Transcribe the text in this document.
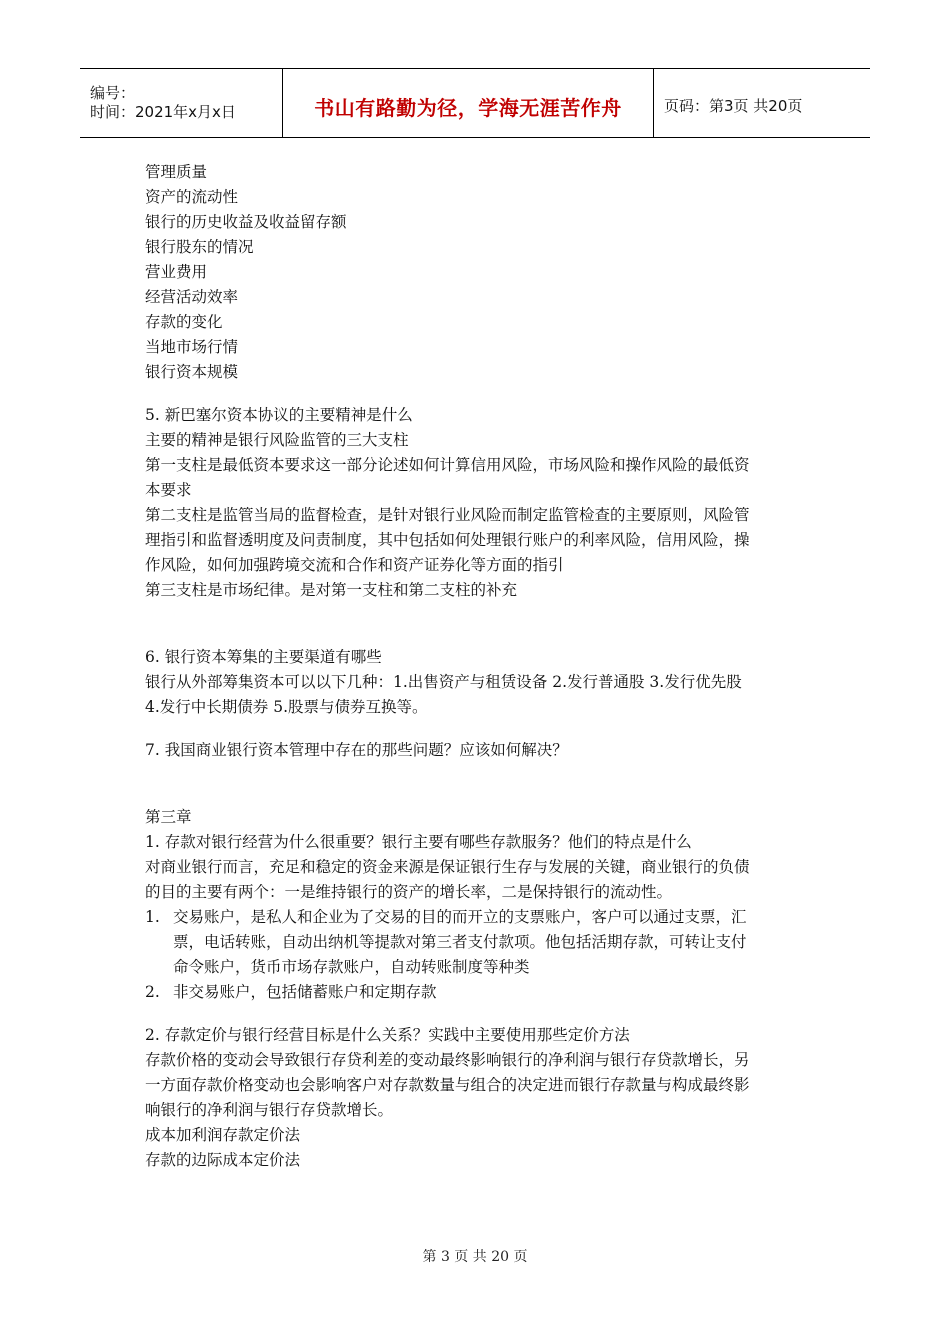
编号：
时间：2021年x月x日	书山有路勤为径，学海无涯苦作舟	页码：第3页 共20页
管理质量
资产的流动性
银行的历史收益及收益留存额
银行股东的情况
营业费用
经营活动效率
存款的变化
当地市场行情
银行资本规模
5. 新巴塞尔资本协议的主要精神是什么
主要的精神是银行风险监管的三大支柱
第一支柱是最低资本要求这一部分论述如何计算信用风险，市场风险和操作风险的最低资
本要求
第二支柱是监管当局的监督检查，是针对银行业风险而制定监管检查的主要原则，风险管
理指引和监督透明度及问责制度，其中包括如何处理银行账户的利率风险，信用风险，操
作风险，如何加强跨境交流和合作和资产证券化等方面的指引
第三支柱是市场纪律。是对第一支柱和第二支柱的补充
6. 银行资本筹集的主要渠道有哪些
银行从外部筹集资本可以以下几种：1.出售资产与租赁设备 2.发行普通股 3.发行优先股
4.发行中长期债券 5.股票与债券互换等。
7. 我国商业银行资本管理中存在的那些问题？应该如何解决？
第三章
1. 存款对银行经营为什么很重要？银行主要有哪些存款服务？他们的特点是什么
对商业银行而言，充足和稳定的资金来源是保证银行生存与发展的关键，商业银行的负债
的目的主要有两个：一是维持银行的资产的增长率，二是保持银行的流动性。
1. 交易账户，是私人和企业为了交易的目的而开立的支票账户，客户可以通过支票，汇
票，电话转账，自动出纳机等提款对第三者支付款项。他包括活期存款，可转让支付
命令账户，货币市场存款账户，自动转账制度等种类
2. 非交易账户，包括储蓄账户和定期存款
2. 存款定价与银行经营目标是什么关系？实践中主要使用那些定价方法
存款价格的变动会导致银行存贷利差的变动最终影响银行的净利润与银行存贷款增长，另
一方面存款价格变动也会影响客户对存款数量与组合的决定进而银行存款量与构成最终影
响银行的净利润与银行存贷款增长。
成本加利润存款定价法
存款的边际成本定价法
第 3 页 共 20 页
